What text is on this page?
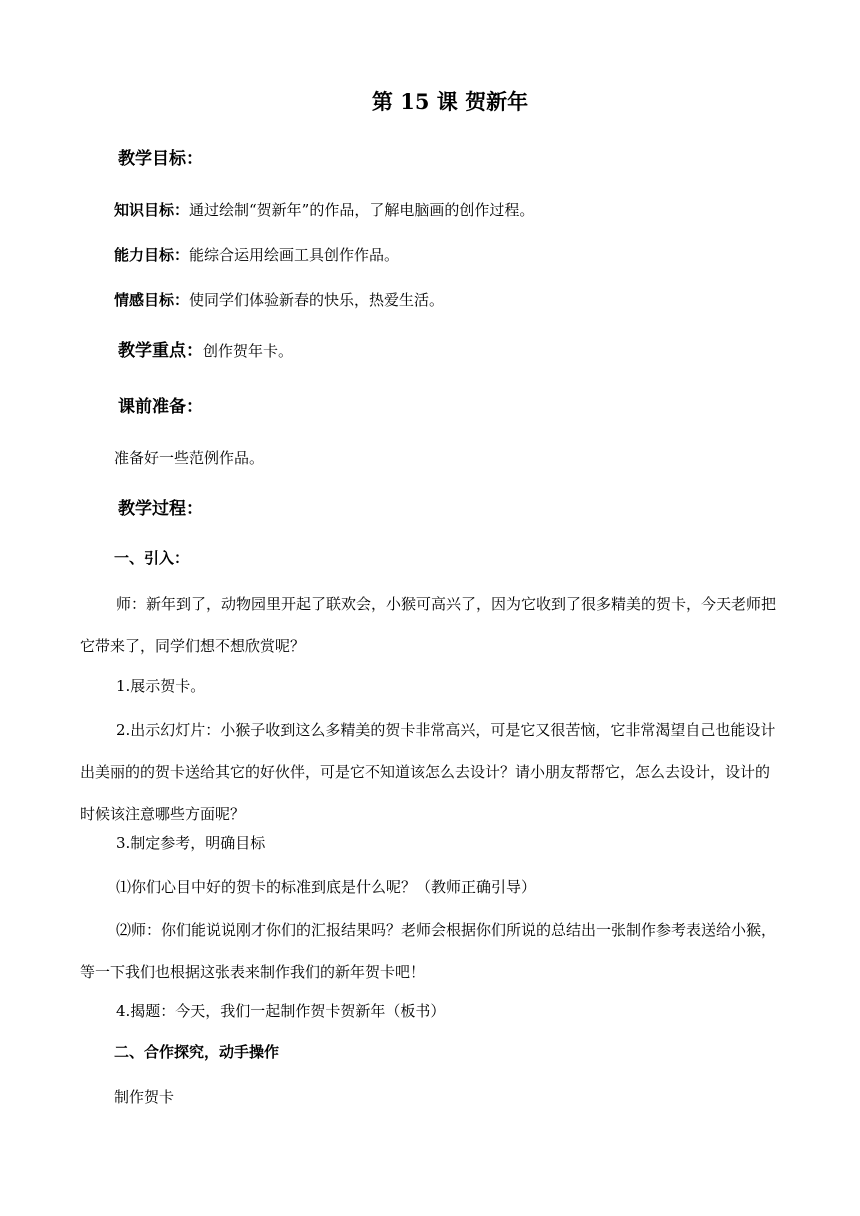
第 15 课 贺新年
教学目标：
知识目标：通过绘制“贺新年”的作品，了解电脑画的创作过程。
能力目标：能综合运用绘画工具创作作品。
情感目标：使同学们体验新春的快乐，热爱生活。
教学重点：创作贺年卡。
课前准备：
准备好一些范例作品。
教学过程：
一、引入：
师：新年到了，动物园里开起了联欢会，小猴可高兴了，因为它收到了很多精美的贺卡，今天老师把它带来了，同学们想不想欣赏呢？
1.展示贺卡。
2.出示幻灯片：小猴子收到这么多精美的贺卡非常高兴，可是它又很苦恼，它非常渴望自己也能设计出美丽的的贺卡送给其它的好伙伴，可是它不知道该怎么去设计？请小朋友帮帮它，怎么去设计，设计的时候该注意哪些方面呢？
3.制定参考，明确目标
⑴你们心目中好的贺卡的标准到底是什么呢？（教师正确引导）
⑵师：你们能说说刚才你们的汇报结果吗？老师会根据你们所说的总结出一张制作参考表送给小猴，等一下我们也根据这张表来制作我们的新年贺卡吧！
4.揭题：今天，我们一起制作贺卡贺新年（板书）
二、合作探究，动手操作
制作贺卡
